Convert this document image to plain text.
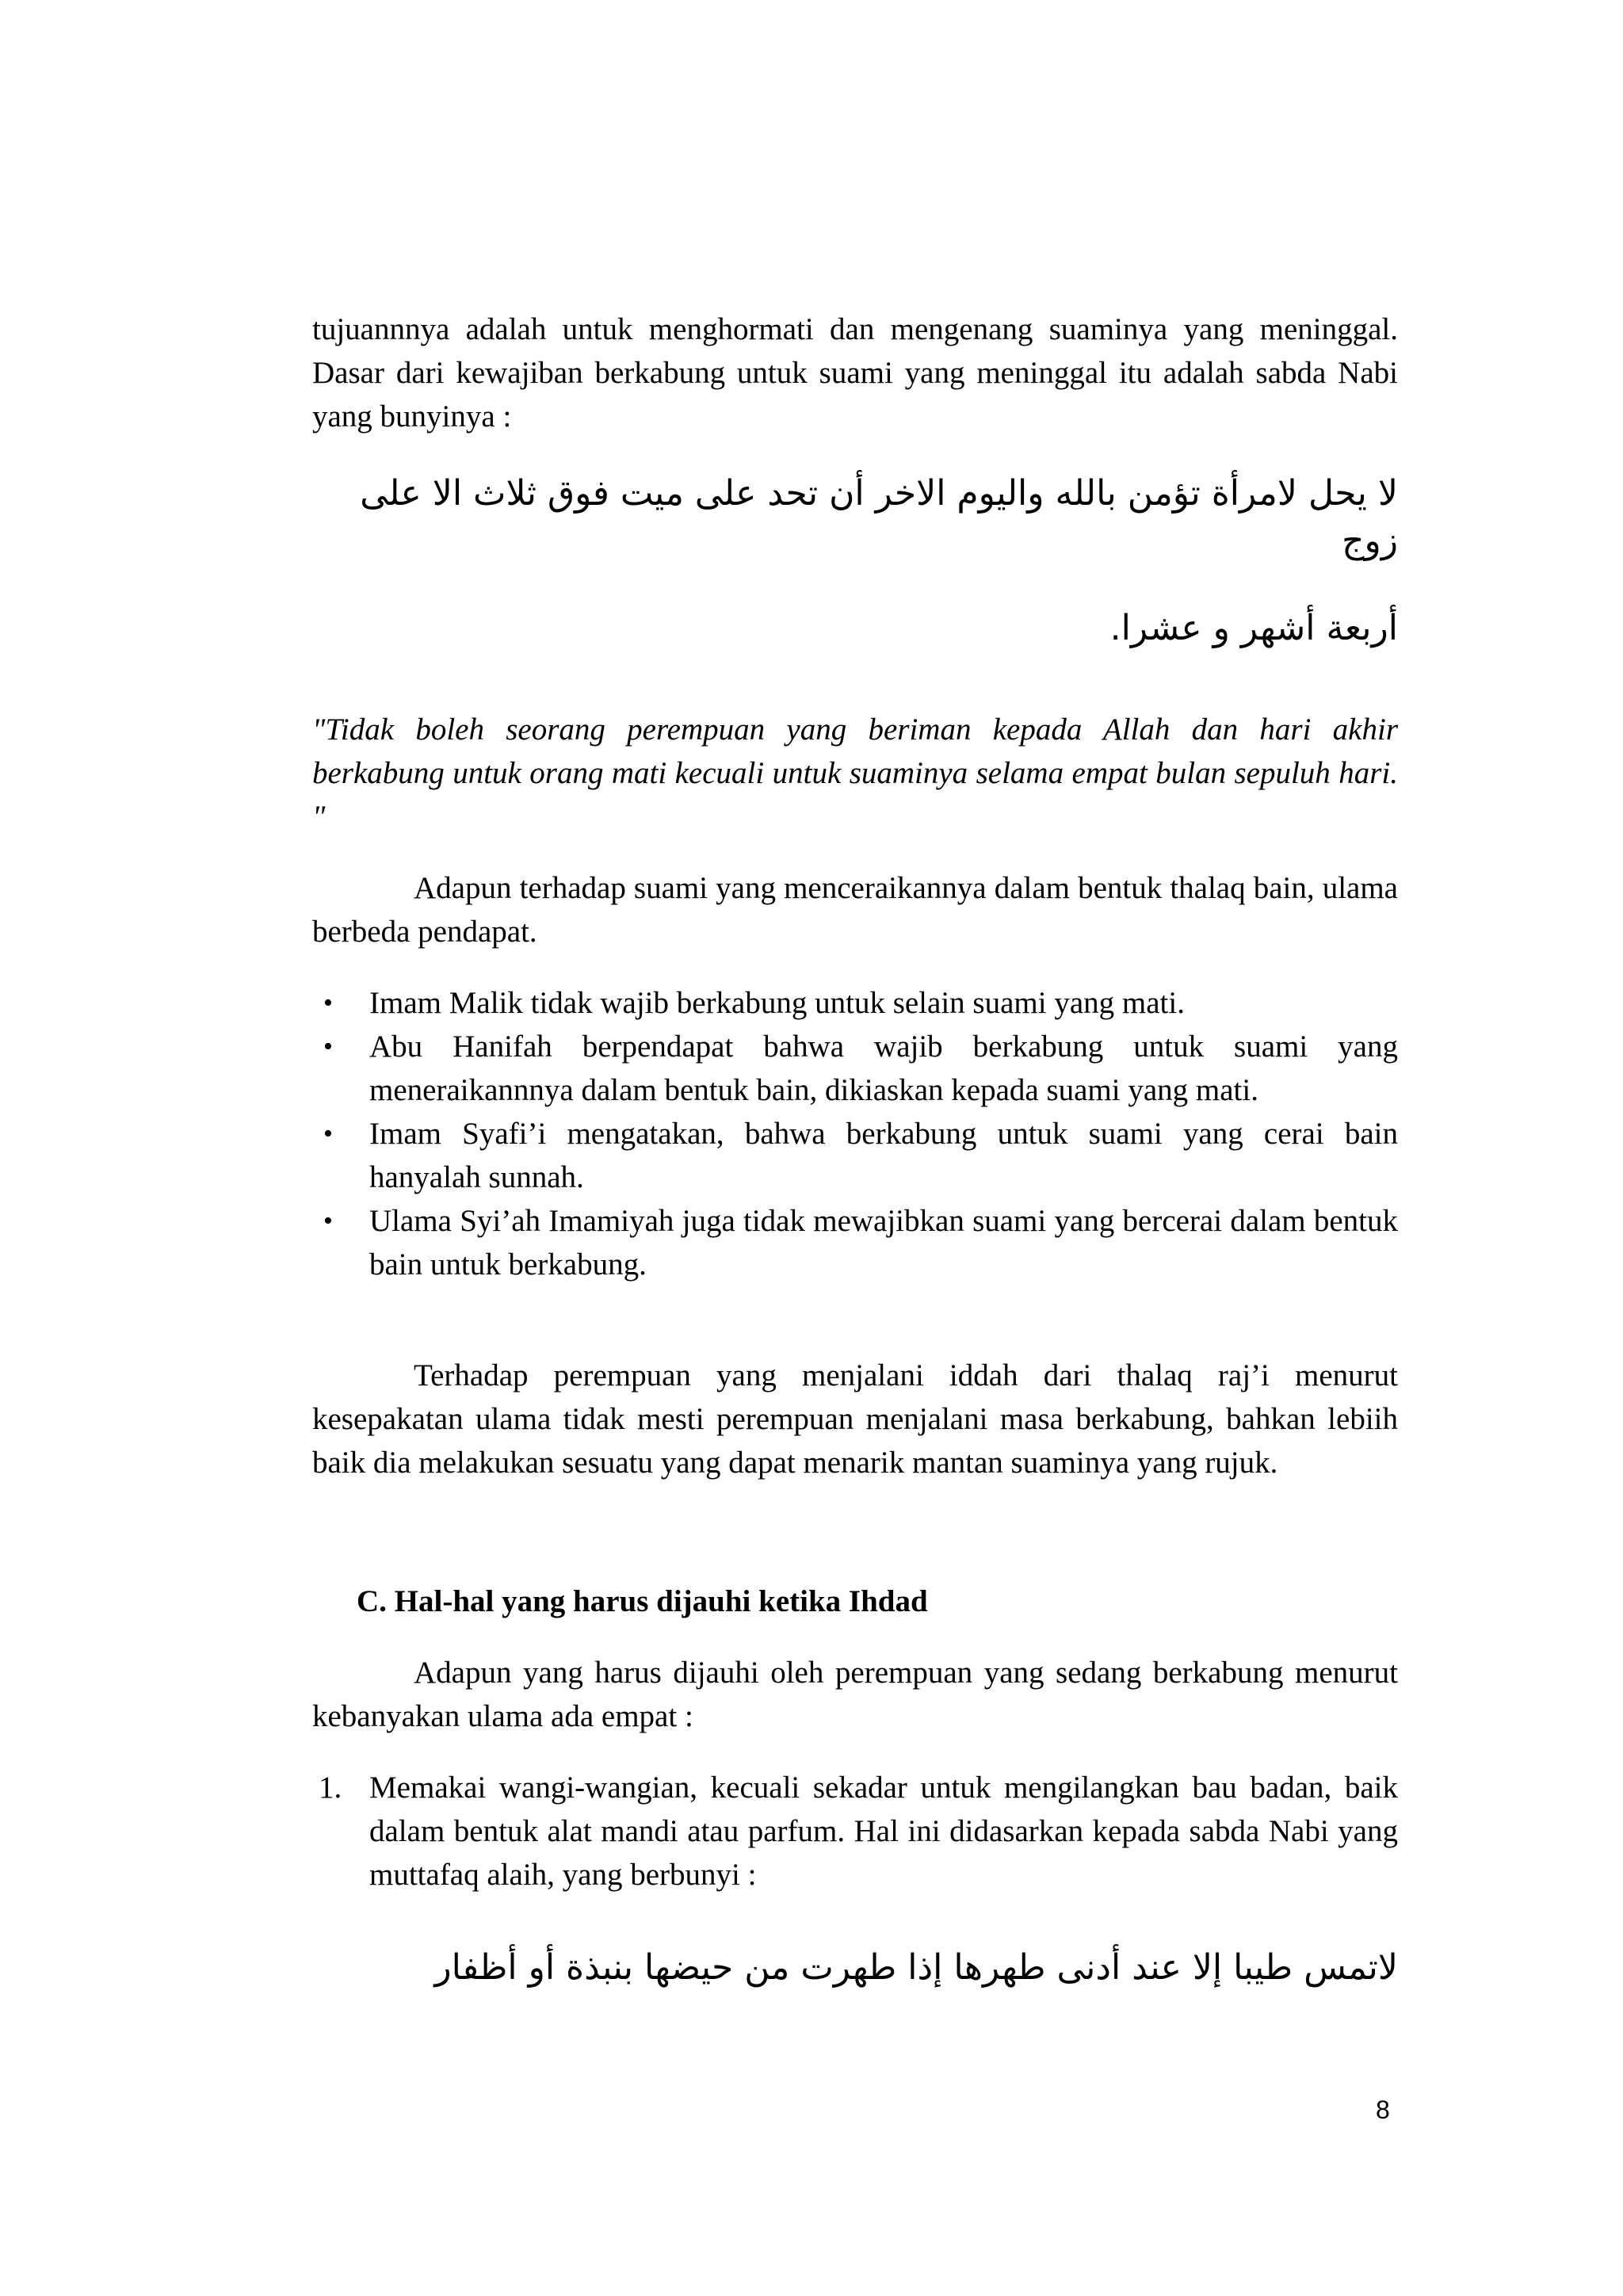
tujuannnya adalah untuk menghormati dan mengenang suaminya yang meninggal. Dasar dari kewajiban berkabung untuk suami yang meninggal itu adalah sabda Nabi yang bunyinya :

لا يحل لامرأة تؤمن بالله واليوم الاخر أن تحد على ميت فوق ثلاث الا على زوج

أربعة أشهر و عشرا.

"Tidak boleh seorang perempuan yang beriman kepada Allah dan hari akhir berkabung untuk orang mati kecuali untuk suaminya selama empat bulan sepuluh hari. "

Adapun terhadap suami yang menceraikannya dalam bentuk thalaq bain, ulama berbeda pendapat.

• Imam Malik tidak wajib berkabung untuk selain suami yang mati.
• Abu Hanifah berpendapat bahwa wajib berkabung untuk suami yang meneraikannnya dalam bentuk bain, dikiaskan kepada suami yang mati.
• Imam Syafi’i mengatakan, bahwa berkabung untuk suami yang cerai bain hanyalah sunnah.
• Ulama Syi’ah Imamiyah juga tidak mewajibkan suami yang bercerai dalam bentuk bain untuk berkabung.

Terhadap perempuan yang menjalani iddah dari thalaq raj’i menurut kesepakatan ulama tidak mesti perempuan menjalani masa berkabung, bahkan lebiih baik dia melakukan sesuatu yang dapat menarik mantan suaminya yang rujuk.

C. Hal-hal yang harus dijauhi ketika Ihdad

Adapun yang harus dijauhi oleh perempuan yang sedang berkabung menurut kebanyakan ulama ada empat :

1. Memakai wangi-wangian, kecuali sekadar untuk mengilangkan bau badan, baik dalam bentuk alat mandi atau parfum. Hal ini didasarkan kepada sabda Nabi yang muttafaq alaih, yang berbunyi :

لاتمس طيبا إلا عند أدنى طهرها إذا طهرت من حيضها بنبذة أو أظفار

8
